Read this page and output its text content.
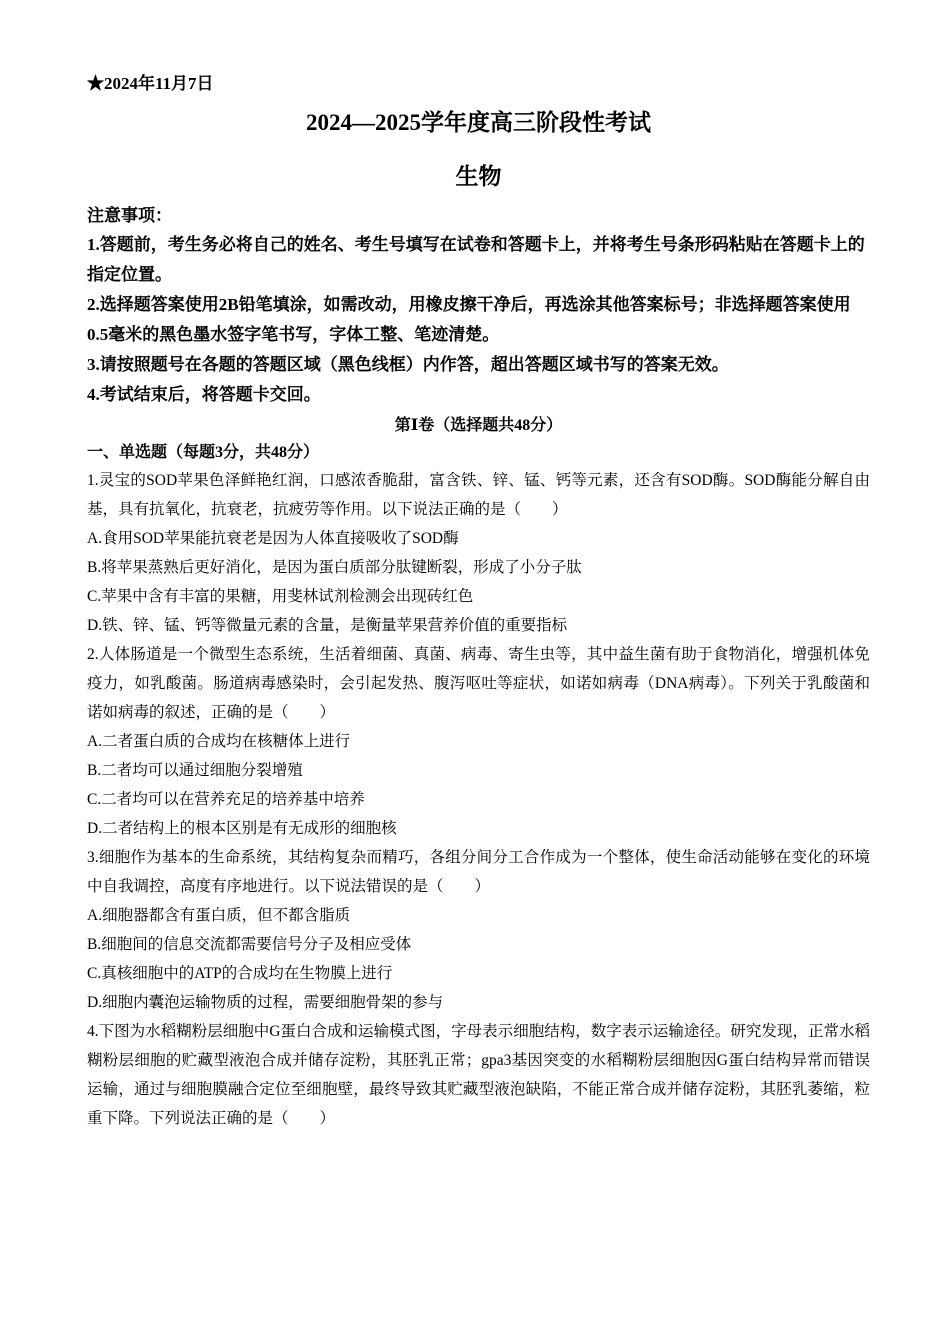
★2024年11月7日
2024—2025学年度高三阶段性考试
生物
注意事项：
1.答题前，考生务必将自己的姓名、考生号填写在试卷和答题卡上，并将考生号条形码粘贴在答题卡上的指定位置。
2.选择题答案使用2B铅笔填涂，如需改动，用橡皮擦干净后，再选涂其他答案标号；非选择题答案使用0.5毫米的黑色墨水签字笔书写，字体工整、笔迹清楚。
3.请按照题号在各题的答题区域（黑色线框）内作答，超出答题区域书写的答案无效。
4.考试结束后，将答题卡交回。
第Ⅰ卷（选择题共48分）
一、单选题（每题3分，共48分）

1.灵宝的SOD苹果色泽鲜艳红润，口感浓香脆甜，富含铁、锌、锰、钙等元素，还含有SOD酶。SOD酶能分解自由基，具有抗氧化，抗衰老，抗疲劳等作用。以下说法正确的是（　　）

A.食用SOD苹果能抗衰老是因为人体直接吸收了SOD酶

B.将苹果蒸熟后更好消化，是因为蛋白质部分肽键断裂，形成了小分子肽

C.苹果中含有丰富的果糖，用斐林试剂检测会出现砖红色

D.铁、锌、锰、钙等微量元素的含量，是衡量苹果营养价值的重要指标

2.人体肠道是一个微型生态系统，生活着细菌、真菌、病毒、寄生虫等，其中益生菌有助于食物消化，增强机体免疫力，如乳酸菌。肠道病毒感染时，会引起发热、腹泻呕吐等症状，如诺如病毒（DNA病毒）。下列关于乳酸菌和诺如病毒的叙述，正确的是（　　）

A.二者蛋白质的合成均在核糖体上进行

B.二者均可以通过细胞分裂增殖

C.二者均可以在营养充足的培养基中培养

D.二者结构上的根本区别是有无成形的细胞核

3.细胞作为基本的生命系统，其结构复杂而精巧，各组分间分工合作成为一个整体，使生命活动能够在变化的环境中自我调控，高度有序地进行。以下说法错误的是（　　）

A.细胞器都含有蛋白质，但不都含脂质

B.细胞间的信息交流都需要信号分子及相应受体

C.真核细胞中的ATP的合成均在生物膜上进行

D.细胞内囊泡运输物质的过程，需要细胞骨架的参与

4.下图为水稻糊粉层细胞中G蛋白合成和运输模式图，字母表示细胞结构，数字表示运输途径。研究发现，正常水稻糊粉层细胞的贮藏型液泡合成并储存淀粉，其胚乳正常；gpa3基因突变的水稻糊粉层细胞因G蛋白结构异常而错误运输，通过与细胞膜融合定位至细胞壁，最终导致其贮藏型液泡缺陷，不能正常合成并储存淀粉，其胚乳萎缩，粒重下降。下列说法正确的是（　　）
